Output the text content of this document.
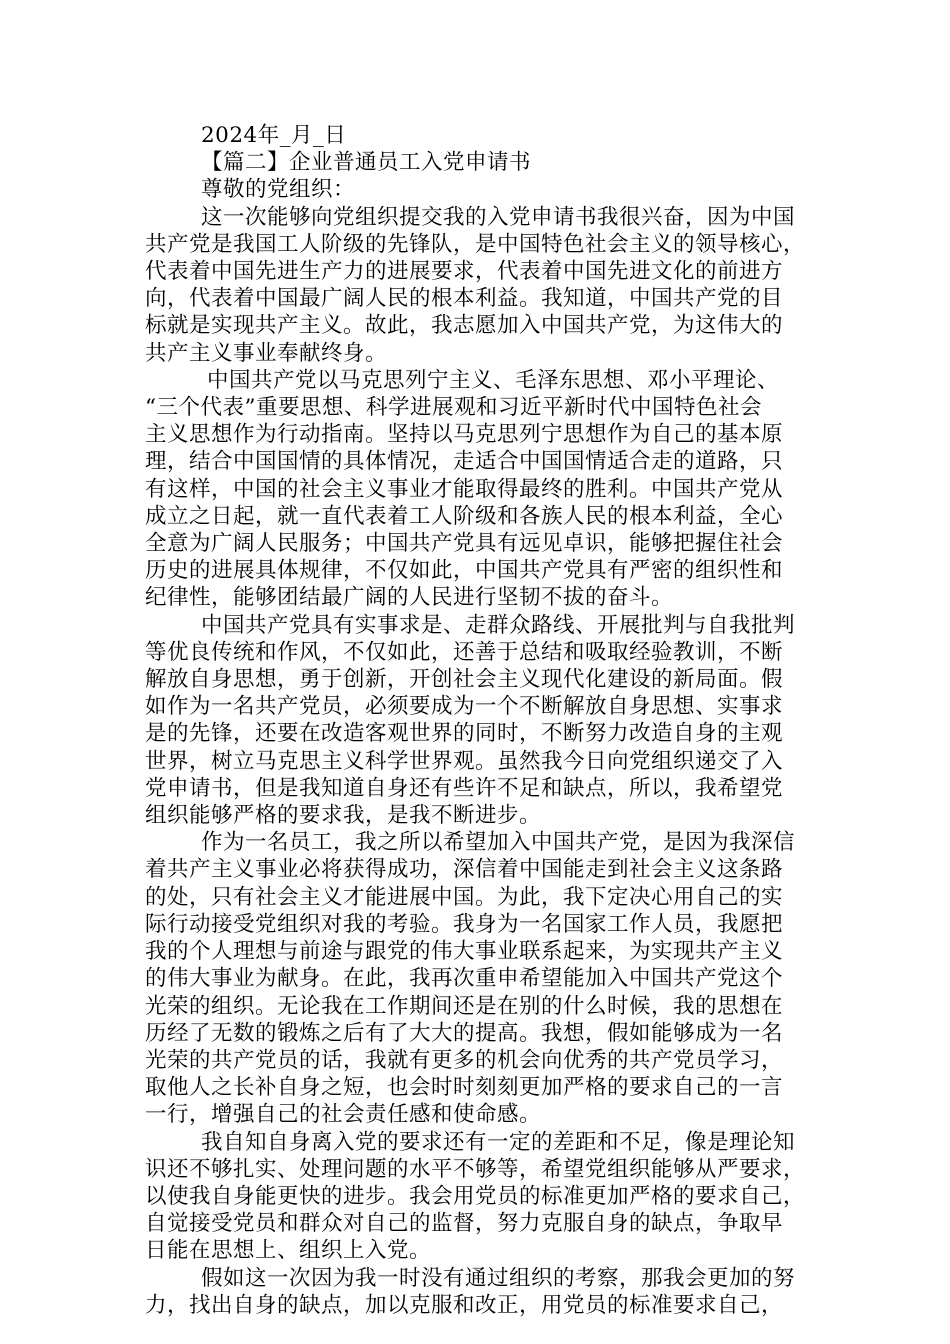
2024年_月_日

【篇二】企业普通员工入党申请书

尊敬的党组织：

这一次能够向党组织提交我的入党申请书我很兴奋，因为中国

共产党是我国工人阶级的先锋队，是中国特色社会主义的领导核心，

代表着中国先进生产力的进展要求，代表着中国先进文化的前进方

向，代表着中国最广阔人民的根本利益。我知道，中国共产党的目

标就是实现共产主义。故此，我志愿加入中国共产党，为这伟大的

共产主义事业奉献终身。

中国共产党以马克思列宁主义、毛泽东思想、邓小平理论、

“三个代表”重要思想、科学进展观和习近平新时代中国特色社会

主义思想作为行动指南。坚持以马克思列宁思想作为自己的基本原

理，结合中国国情的具体情况，走适合中国国情适合走的道路，只

有这样，中国的社会主义事业才能取得最终的胜利。中国共产党从

成立之日起，就一直代表着工人阶级和各族人民的根本利益，全心

全意为广阔人民服务；中国共产党具有远见卓识，能够把握住社会

历史的进展具体规律，不仅如此，中国共产党具有严密的组织性和

纪律性，能够团结最广阔的人民进行坚韧不拔的奋斗。

中国共产党具有实事求是、走群众路线、开展批判与自我批判

等优良传统和作风，不仅如此，还善于总结和吸取经验教训，不断

解放自身思想，勇于创新，开创社会主义现代化建设的新局面。假

如作为一名共产党员，必须要成为一个不断解放自身思想、实事求

是的先锋，还要在改造客观世界的同时，不断努力改造自身的主观

世界，树立马克思主义科学世界观。虽然我今日向党组织递交了入

党申请书，但是我知道自身还有些许不足和缺点，所以，我希望党

组织能够严格的要求我，是我不断进步。

作为一名员工，我之所以希望加入中国共产党，是因为我深信

着共产主义事业必将获得成功，深信着中国能走到社会主义这条路

的处，只有社会主义才能进展中国。为此，我下定决心用自己的实

际行动接受党组织对我的考验。我身为一名国家工作人员，我愿把

我的个人理想与前途与跟党的伟大事业联系起来，为实现共产主义

的伟大事业为献身。在此，我再次重申希望能加入中国共产党这个

光荣的组织。无论我在工作期间还是在别的什么时候，我的思想在

历经了无数的锻炼之后有了大大的提高。我想，假如能够成为一名

光荣的共产党员的话，我就有更多的机会向优秀的共产党员学习，

取他人之长补自身之短，也会时时刻刻更加严格的要求自己的一言

一行，增强自己的社会责任感和使命感。

我自知自身离入党的要求还有一定的差距和不足，像是理论知

识还不够扎实、处理问题的水平不够等，希望党组织能够从严要求，

以使我自身能更快的进步。我会用党员的标准更加严格的要求自己，

自觉接受党员和群众对自己的监督，努力克服自身的缺点，争取早

日能在思想上、组织上入党。

假如这一次因为我一时没有通过组织的考察，那我会更加的努

力，找出自身的缺点，加以克服和改正，用党员的标准要求自己，
